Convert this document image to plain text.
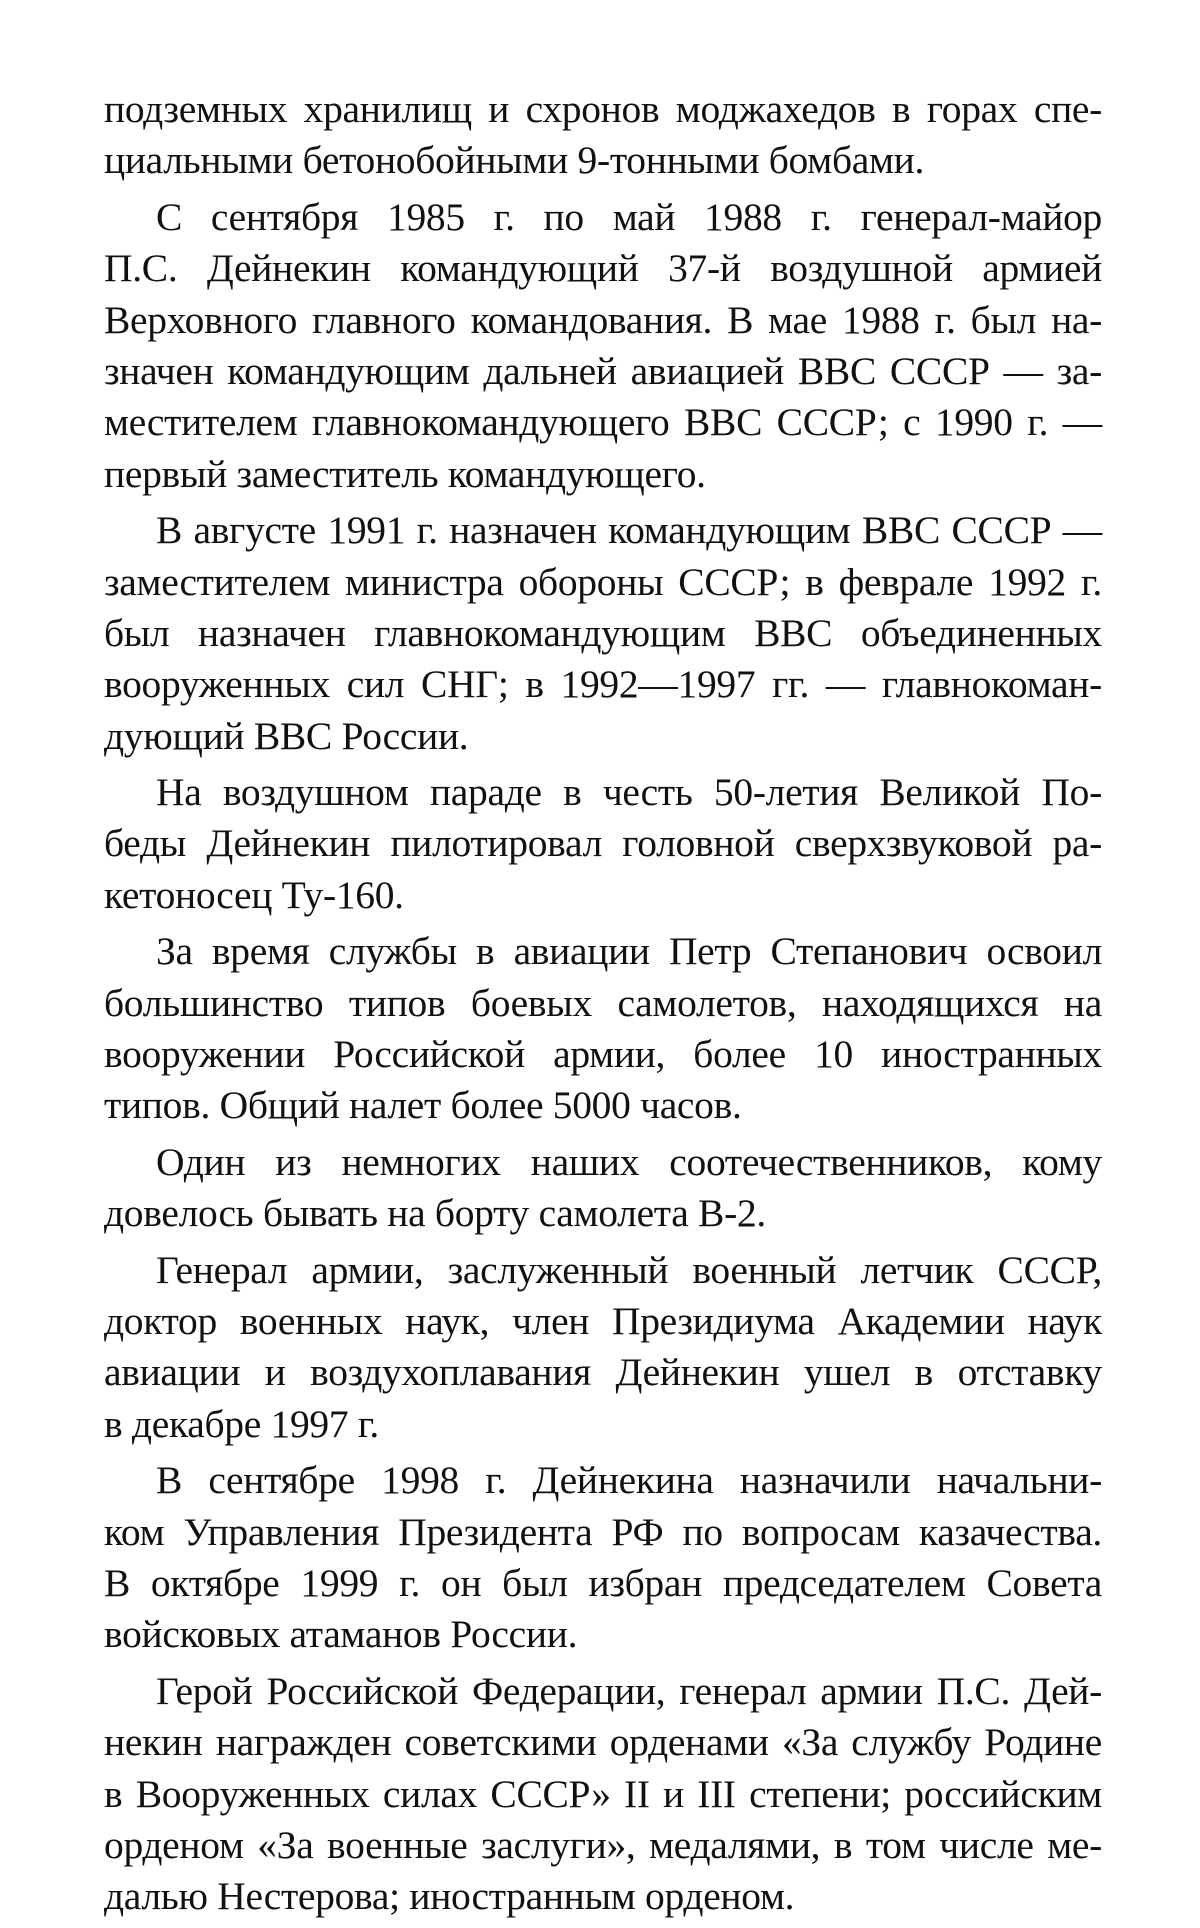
подземных хранилищ и схронов моджахедов в горах спе-
циальными бетонобойными 9-тонными бомбами.
С сентября 1985 г. по май 1988 г. генерал-майор
П.С. Дейнекин командующий 37-й воздушной армией
Верховного главного командования. В мае 1988 г. был на-
значен командующим дальней авиацией ВВС СССР — за-
местителем главнокомандующего ВВС СССР; с 1990 г. —
первый заместитель командующего.
В августе 1991 г. назначен командующим ВВС СССР —
заместителем министра обороны СССР; в феврале 1992 г.
был назначен главнокомандующим ВВС объединенных
вооруженных сил СНГ; в 1992—1997 гг. — главнокоман-
дующий ВВС России.
На воздушном параде в честь 50-летия Великой По-
беды Дейнекин пилотировал головной сверхзвуковой ра-
кетоносец Ту-160.
За время службы в авиации Петр Степанович освоил
большинство типов боевых самолетов, находящихся на
вооружении Российской армии, более 10 иностранных
типов. Общий налет более 5000 часов.
Один из немногих наших соотечественников, кому
довелось бывать на борту самолета В-2.
Генерал армии, заслуженный военный летчик СССР,
доктор военных наук, член Президиума Академии наук
авиации и воздухоплавания Дейнекин ушел в отставку
в декабре 1997 г.
В сентябре 1998 г. Дейнекина назначили начальни-
ком Управления Президента РФ по вопросам казачества.
В октябре 1999 г. он был избран председателем Совета
войсковых атаманов России.
Герой Российской Федерации, генерал армии П.С. Дей-
некин награжден советскими орденами «За службу Родине
в Вооруженных силах СССР» II и III степени; российским
орденом «За военные заслуги», медалями, в том числе ме-
далью Нестерова; иностранным орденом.
